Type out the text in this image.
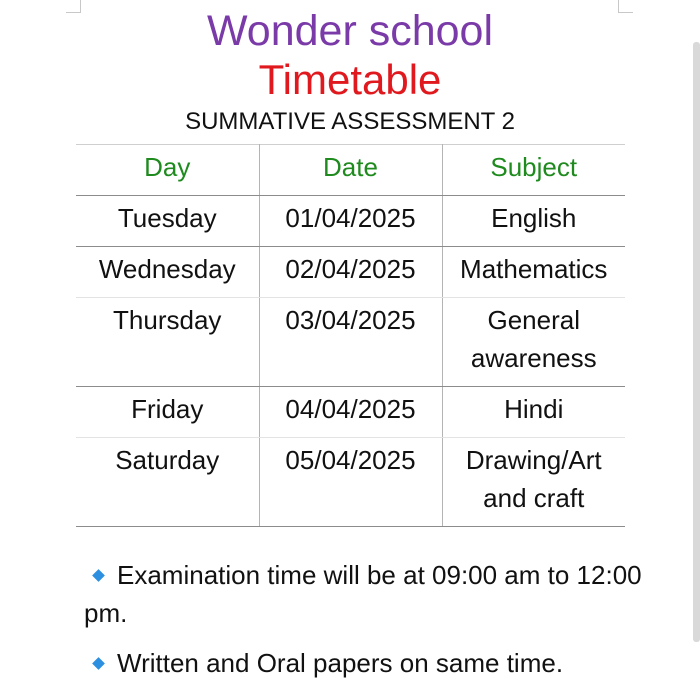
Wonder school
Timetable
SUMMATIVE ASSESSMENT 2
Day	Date	Subject
Tuesday	01/04/2025	English
Wednesday	02/04/2025	Mathematics
Thursday	03/04/2025	General awareness
Friday	04/04/2025	Hindi
Saturday	05/04/2025	Drawing/Art and craft
Examination time will be at 09:00 am to 12:00 pm.
Written and Oral papers on same time.
